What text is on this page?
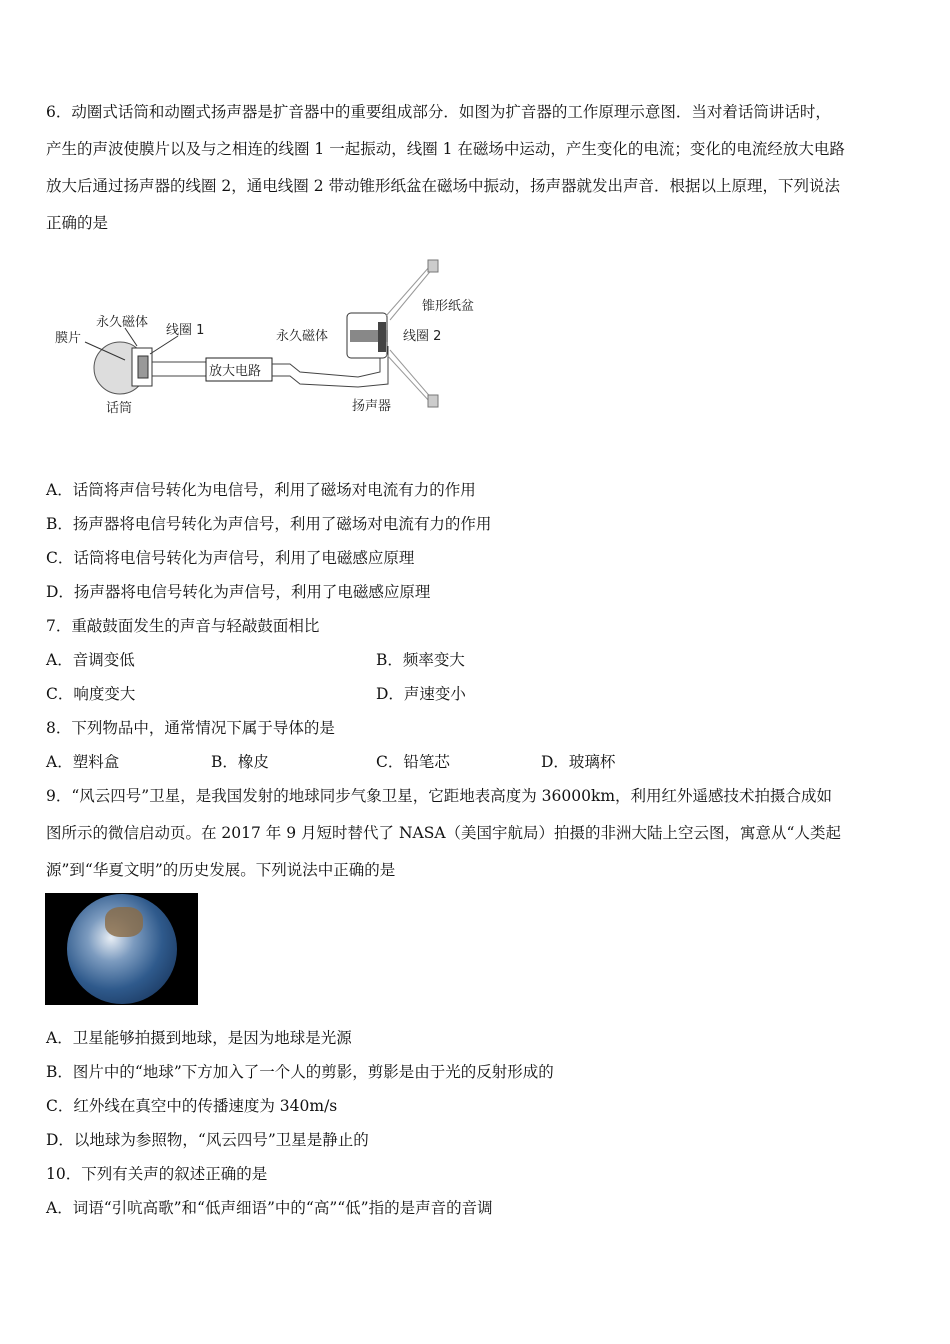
6．动圈式话筒和动圈式扬声器是扩音器中的重要组成部分．如图为扩音器的工作原理示意图．当对着话筒讲话时，
产生的声波使膜片以及与之相连的线圈 1 一起振动，线圈 1 在磁场中运动，产生变化的电流；变化的电流经放大电路
放大后通过扬声器的线圈 2，通电线圈 2 带动锥形纸盆在磁场中振动，扬声器就发出声音．根据以上原理，下列说法
正确的是
放大电路
膜片
永久磁体
线圈 1	永久磁体	线圈 2
锥形纸盆
话筒	扬声器
A．话筒将声信号转化为电信号，利用了磁场对电流有力的作用
B．扬声器将电信号转化为声信号，利用了磁场对电流有力的作用
C．话筒将电信号转化为声信号，利用了电磁感应原理
D．扬声器将电信号转化为声信号，利用了电磁感应原理
7．重敲鼓面发生的声音与轻敲鼓面相比
A．音调变低	B．频率变大
C．响度变大	D．声速变小
8．下列物品中，通常情况下属于导体的是
A．塑料盒	B．橡皮	C．铅笔芯	D．玻璃杯
9．“风云四号”卫星，是我国发射的地球同步气象卫星，它距地表高度为 36000km，利用红外遥感技术拍摄合成如
图所示的微信启动页。在 2017 年 9 月短时替代了 NASA（美国宇航局）拍摄的非洲大陆上空云图，寓意从“人类起
源”到“华夏文明”的历史发展。下列说法中正确的是
A．卫星能够拍摄到地球，是因为地球是光源
B．图片中的“地球”下方加入了一个人的剪影，剪影是由于光的反射形成的
C．红外线在真空中的传播速度为 340m/s
D．以地球为参照物，“风云四号”卫星是静止的
10．下列有关声的叙述正确的是
A．词语“引吭高歌”和“低声细语”中的“高”“低”指的是声音的音调
